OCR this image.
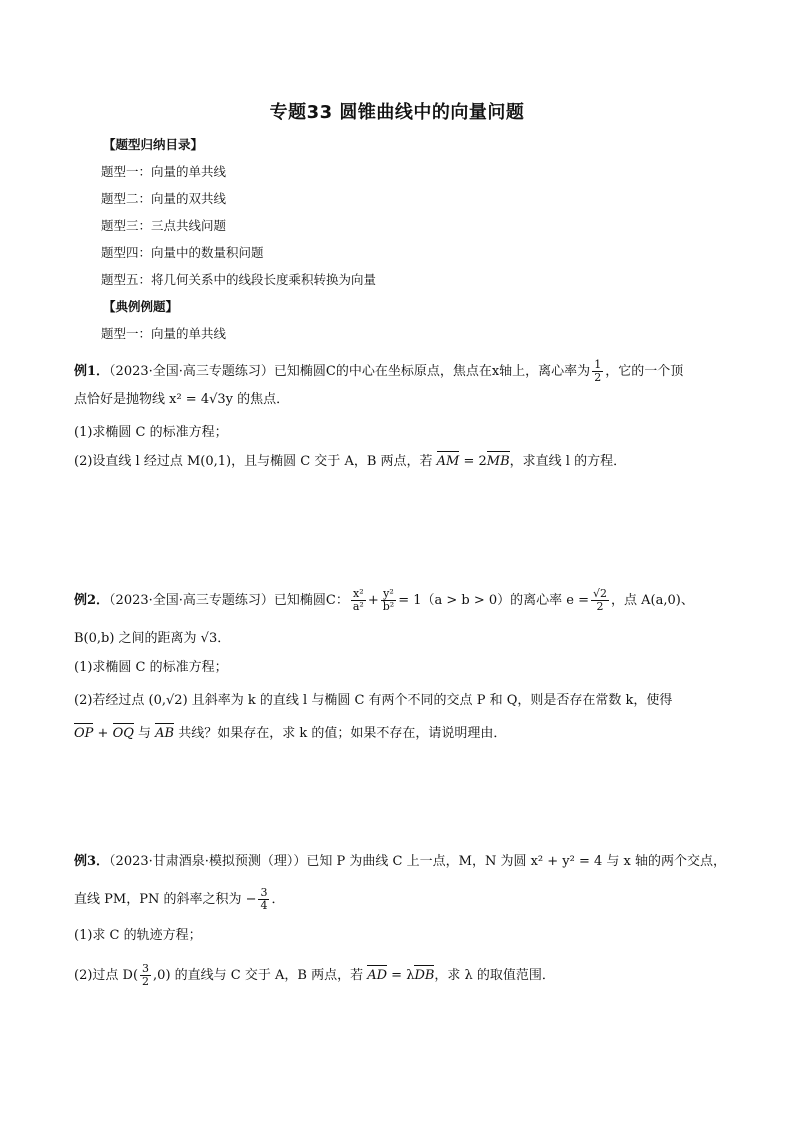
专题33 圆锥曲线中的向量问题
【题型归纳目录】
题型一：向量的单共线
题型二：向量的双共线
题型三：三点共线问题
题型四：向量中的数量积问题
题型五：将几何关系中的线段长度乘积转换为向量
【典例例题】
题型一：向量的单共线
例1．（2023·全国·高三专题练习）已知椭圆C的中心在坐标原点，焦点在x轴上，离心率为 $\frac{1}{2}$ ，它的一个顶
点恰好是抛物线 x² = 4√3y 的焦点．
(1)求椭圆 C 的标准方程；
(2)设直线 l 经过点 M(0,1)，且与椭圆 C 交于 A，B 两点，若 AM = 2MB，求直线 l 的方程．
例2．（2023·全国·高三专题练习）已知椭圆C： $\frac{\text{x²}}{\text{a²}} + \frac{\text{y²}}{\text{b²}} = 1(a > b > 0)$的离心率 $e = \frac{√2}{2}$ ，点 A(a,0)、
B(0,b) 之间的距离为 √3．
(1)求椭圆 C 的标准方程；
(2)若经过点 (0,√2) 且斜率为 k 的直线 l 与椭圆 C 有两个不同的交点 P 和 Q，则是否存在常数 k，使得
OP + OQ 与 AB 共线？如果存在，求 k 的值；如果不存在，请说明理由．
例3．（2023·甘肃酒泉·模拟预测（理））已知 P 为曲线 C 上一点，M，N 为圆 x² + y² = 4 与 x 轴的两个交点，
直线 PM，PN 的斜率之积为 − $\frac{3}{4}$ ．
(1)求 C 的轨迹方程；
(2)过点 $D( \frac{3}{2} ,0)$ 的直线与 C 交于 A，B 两点，若 AD = λDB，求 λ 的取值范围．
